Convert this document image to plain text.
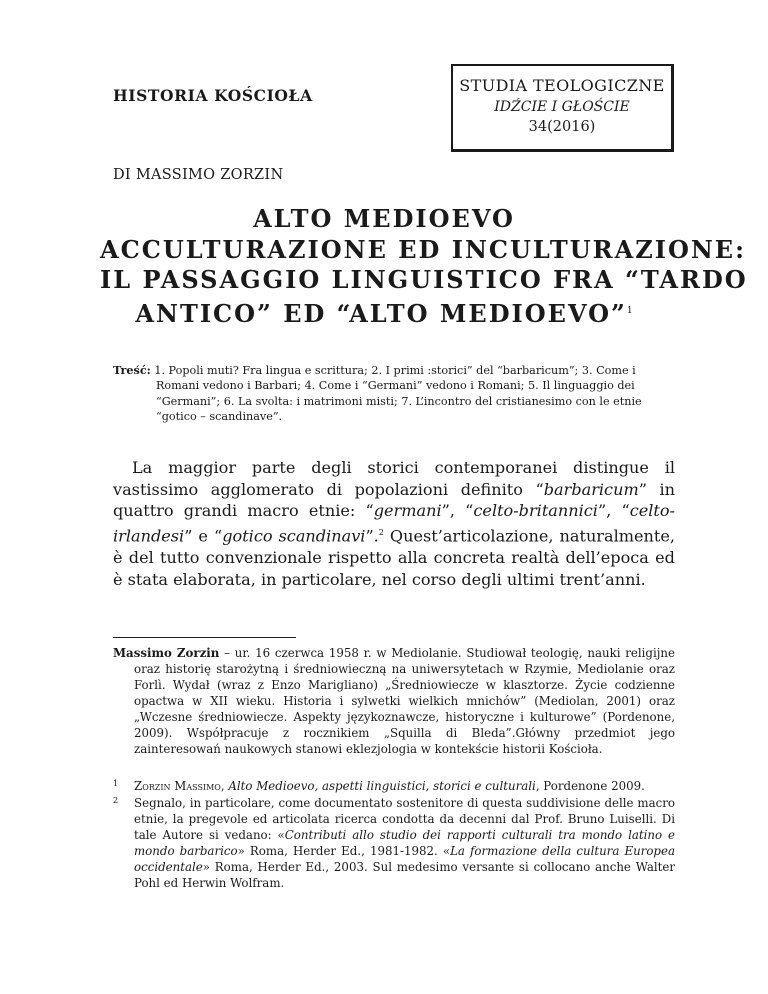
HISTORIA KOŚCIOŁA
STUDIA TEOLOGICZNE
IDŹCIE I GŁOŚCIE
34(2016)
DI MASSIMO ZORZIN
ALTO MEDIOEVO
ACCULTURAZIONE ED INCULTURAZIONE:
IL PASSAGGIO LINGUISTICO FRA “TARDO
ANTICO” ED “ALTO MEDIOEVO”$^1$
Treść: 1. Popoli muti? Fra lingua e scrittura; 2. I primi :storici” del “barbaricum”; 3. Come i Romani vedono i Barbari; 4. Come i “Germani” vedono i Romani; 5. Il linguaggio dei “Germani”; 6. La svolta: i matrimoni misti; 7. L’incontro del cristianesimo con le etnie “gotico – scandinave”.

La maggior parte degli storici contemporanei distingue il vastissimo agglomerato di popolazioni definito “barbaricum” in quattro grandi macro etnie: “germani”, “celto-britannici”, “celto-irlandesi” e “gotico scandinavi”.$^2$ Quest’articolazione, naturalmente, è del tutto convenzionale rispetto alla concreta realtà dell’epoca ed è stata elaborata, in particolare, nel corso degli ultimi trent’anni.

Massimo Zorzin – ur. 16 czerwca 1958 r. w Mediolanie. Studiował teologię, nauki religijne oraz historię starożytną i średniowieczną na uniwersytetach w Rzymie, Mediolanie oraz Forlì. Wydał (wraz z Enzo Marigliano) „Średniowiecze w klasztorze. Życie codzienne opactwa w XII wieku. Historia i sylwetki wielkich mnichów” (Mediolan, 2001) oraz „Wczesne średniowiecze. Aspekty językoznawcze, historyczne i kulturowe” (Pordenone, 2009). Współpracuje z rocznikiem „Squilla di Bleda”.Główny przedmiot jego zainteresowań naukowych stanowi eklezjologia w kontekście historii Kościoła.

1 Zorzin Massimo, Alto Medioevo, aspetti linguistici, storici e culturali, Pordenone 2009.
2 Segnalo, in particolare, come documentato sostenitore di questa suddivisione delle macro etnie, la pregevole ed articolata ricerca condotta da decenni dal Prof. Bruno Luiselli. Di tale Autore si vedano: «Contributi allo studio dei rapporti culturali tra mondo latino e mondo barbarico» Roma, Herder Ed., 1981-1982. «La formazione della cultura Europea occidentale» Roma, Herder Ed., 2003. Sul medesimo versante si collocano anche Walter Pohl ed Herwin Wolfram.
